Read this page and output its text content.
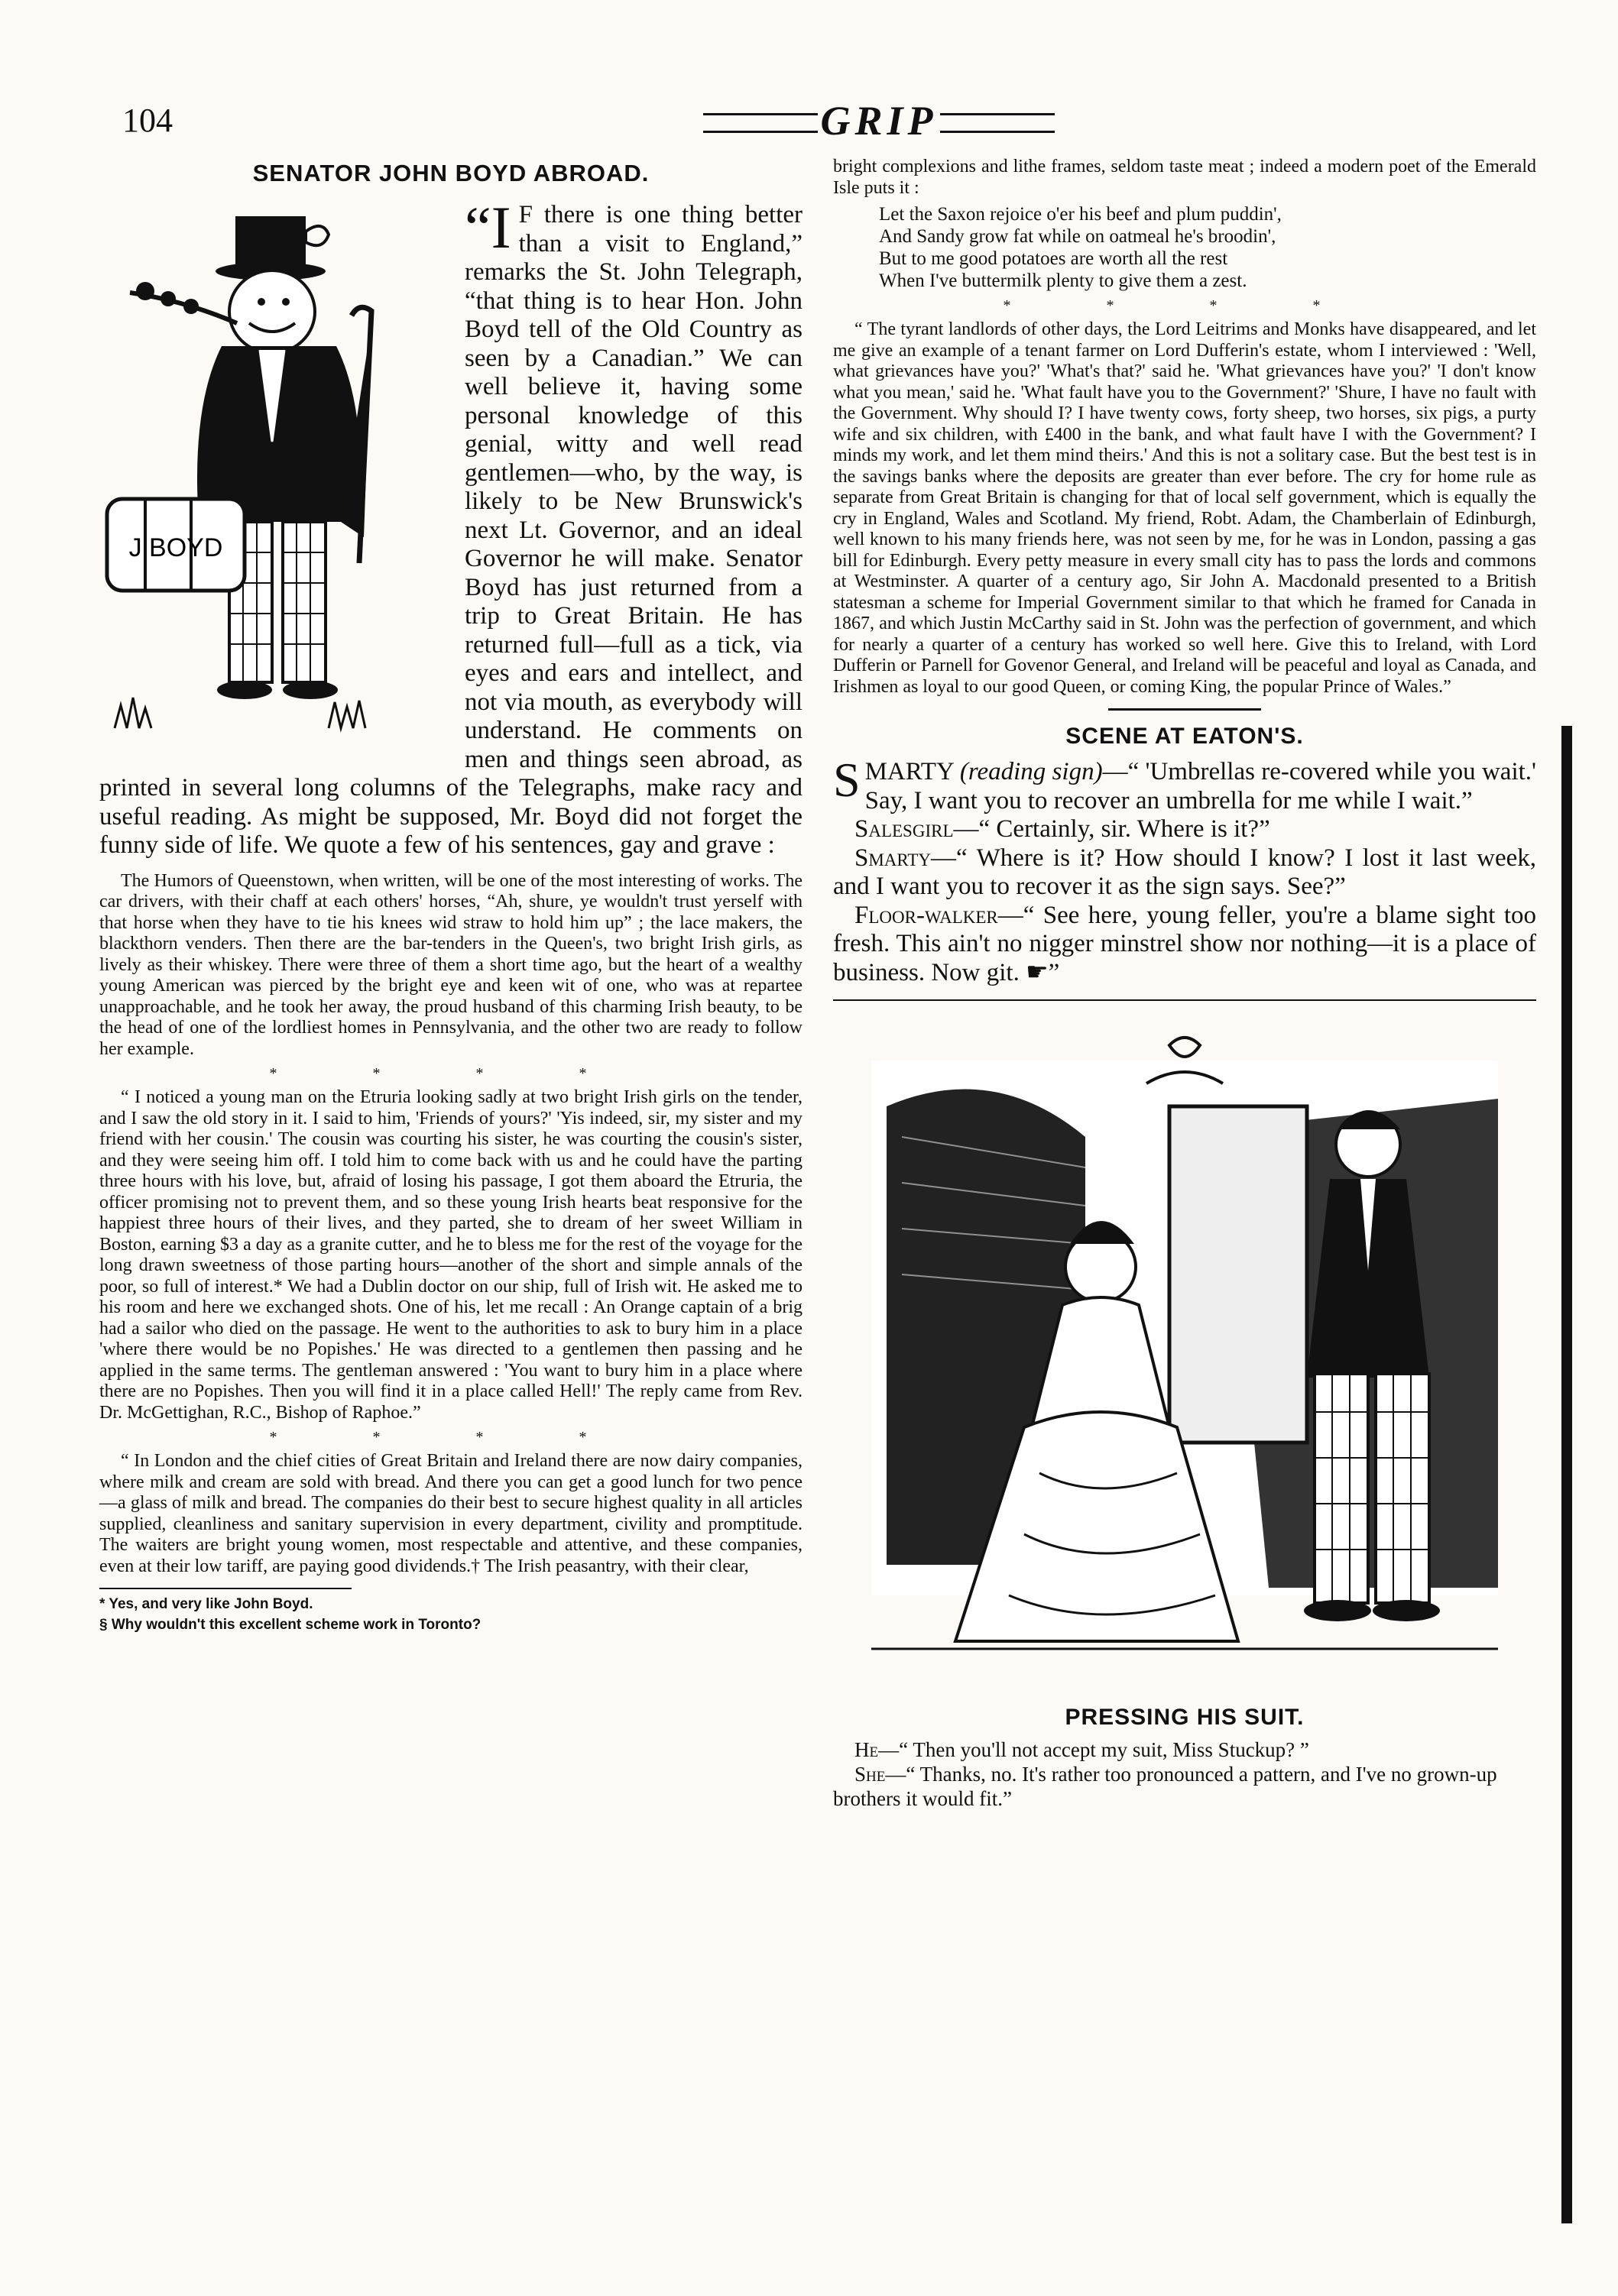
104	GRIP
SENATOR JOHN BOYD ABROAD.
J BOYD

“I F there is one thing better than a visit to England,” remarks the St. John Telegraph, “that thing is to hear Hon. John Boyd tell of the Old Country as seen by a Canadian.” We can well believe it, having some personal knowledge of this genial, witty and well read gentlemen—who, by the way, is likely to be New Brunswick's next Lt. Governor, and an ideal Governor he will make. Senator Boyd has just returned from a trip to Great Britain. He has returned full—full as a tick, via eyes and ears and intellect, and not via mouth, as everybody will understand. He comments on men and things seen abroad, as printed in several long columns of the Telegraphs, make racy and useful reading. As might be supposed, Mr. Boyd did not forget the funny side of life. We quote a few of his sentences, gay and grave :

The Humors of Queenstown, when written, will be one of the most interesting of works. The car drivers, with their chaff at each others' horses, “Ah, shure, ye wouldn't trust yerself with that horse when they have to tie his knees wid straw to hold him up” ; the lace makers, the blackthorn venders. Then there are the bar-tenders in the Queen's, two bright Irish girls, as lively as their whiskey. There were three of them a short time ago, but the heart of a wealthy young American was pierced by the bright eye and keen wit of one, who was at repartee unapproachable, and he took her away, the proud husband of this charming Irish beauty, to be the head of one of the lordliest homes in Pennsylvania, and the other two are ready to follow her example.

* * * *

“ I noticed a young man on the Etruria looking sadly at two bright Irish girls on the tender, and I saw the old story in it. I said to him, 'Friends of yours?' 'Yis indeed, sir, my sister and my friend with her cousin.' The cousin was courting his sister, he was courting the cousin's sister, and they were seeing him off. I told him to come back with us and he could have the parting three hours with his love, but, afraid of losing his passage, I got them aboard the Etruria, the officer promising not to prevent them, and so these young Irish hearts beat responsive for the happiest three hours of their lives, and they parted, she to dream of her sweet William in Boston, earning $3 a day as a granite cutter, and he to bless me for the rest of the voyage for the long drawn sweetness of those parting hours—another of the short and simple annals of the poor, so full of interest.* We had a Dublin doctor on our ship, full of Irish wit. He asked me to his room and here we exchanged shots. One of his, let me recall : An Orange captain of a brig had a sailor who died on the passage. He went to the authorities to ask to bury him in a place 'where there would be no Popishes.' He was directed to a gentlemen then passing and he applied in the same terms. The gentleman answered : 'You want to bury him in a place where there are no Popishes. Then you will find it in a place called Hell!' The reply came from Rev. Dr. McGettighan, R.C., Bishop of Raphoe.”

* * * *

“ In London and the chief cities of Great Britain and Ireland there are now dairy companies, where milk and cream are sold with bread. And there you can get a good lunch for two pence —a glass of milk and bread. The companies do their best to secure highest quality in all articles supplied, cleanliness and sanitary supervision in every department, civility and promptitude. The waiters are bright young women, most respectable and attentive, and these companies, even at their low tariff, are paying good dividends.† The Irish peasantry, with their clear,

* Yes, and very like John Boyd.

§ Why wouldn't this excellent scheme work in Toronto?

bright complexions and lithe frames, seldom taste meat ; indeed a modern poet of the Emerald Isle puts it :

Let the Saxon rejoice o'er his beef and plum puddin',
And Sandy grow fat while on oatmeal he's broodin',
But to me good potatoes are worth all the rest
When I've buttermilk plenty to give them a zest.
* * * *

“ The tyrant landlords of other days, the Lord Leitrims and Monks have disappeared, and let me give an example of a tenant farmer on Lord Dufferin's estate, whom I interviewed : 'Well, what grievances have you?' 'What's that?' said he. 'What grievances have you?' 'I don't know what you mean,' said he. 'What fault have you to the Government?' 'Shure, I have no fault with the Government. Why should I? I have twenty cows, forty sheep, two horses, six pigs, a purty wife and six children, with £400 in the bank, and what fault have I with the Government? I minds my work, and let them mind theirs.' And this is not a solitary case. But the best test is in the savings banks where the deposits are greater than ever before. The cry for home rule as separate from Great Britain is changing for that of local self government, which is equally the cry in England, Wales and Scotland. My friend, Robt. Adam, the Chamberlain of Edinburgh, well known to his many friends here, was not seen by me, for he was in London, passing a gas bill for Edinburgh. Every petty measure in every small city has to pass the lords and commons at Westminster. A quarter of a century ago, Sir John A. Macdonald presented to a British statesman a scheme for Imperial Government similar to that which he framed for Canada in 1867, and which Justin McCarthy said in St. John was the perfection of government, and which for nearly a quarter of a century has worked so well here. Give this to Ireland, with Lord Dufferin or Parnell for Govenor General, and Ireland will be peaceful and loyal as Canada, and Irishmen as loyal to our good Queen, or coming King, the popular Prince of Wales.”

SCENE AT EATON'S.

SMARTY (reading sign)—“ 'Umbrellas re-covered while you wait.' Say, I want you to recover an umbrella for me while I wait.”

Salesgirl—“ Certainly, sir. Where is it?”

Smarty—“ Where is it? How should I know? I lost it last week, and I want you to recover it as the sign says. See?”

Floor-walker—“ See here, young feller, you're a blame sight too fresh. This ain't no nigger minstrel show nor nothing—it is a place of business. Now git. ☛”

PRESSING HIS SUIT.

He—“ Then you'll not accept my suit, Miss Stuckup? ”

She—“ Thanks, no. It's rather too pronounced a pattern, and I've no grown-up brothers it would fit.”
